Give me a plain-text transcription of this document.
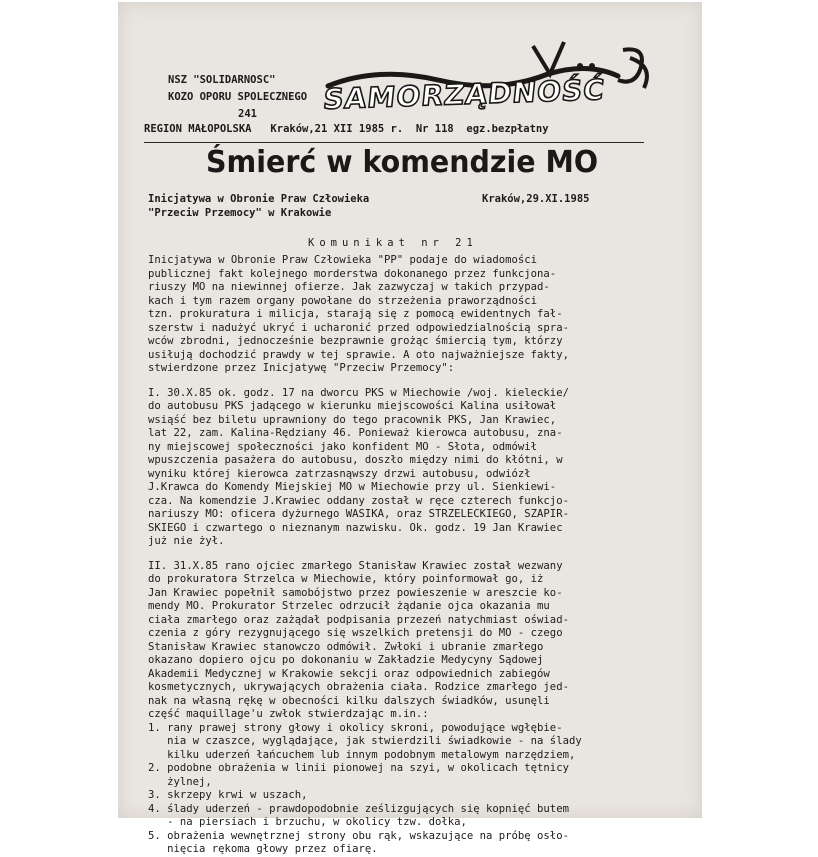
NSZ "SOLIDARNOSC"
KOZO OPORU SPOLECZNEGO
241	SAMORZĄDNOŚĆ
REGION MAŁOPOLSKA   Kraków,21 XII 1985 r.  Nr 118  egz.bezpłatny
Śmierć w komendzie MO
Inicjatywa w Obronie Praw Człowieka
"Przeciw Przemocy" w Krakowie
Kraków,29.XI.1985
Komunikat nr 21
Inicjatywa w Obronie Praw Człowieka "PP" podaje do wiadomości
publicznej fakt kolejnego morderstwa dokonanego przez funkcjona-
riuszy MO na niewinnej ofierze. Jak zazwyczaj w takich przypad-
kach i tym razem organy powołane do strzeżenia praworządności
tzn. prokuratura i milicja, starają się z pomocą ewidentnych fał-
szerstw i nadużyć ukryć i ucharonić przed odpowiedzialnością spra-
wców zbrodni, jednocześnie bezprawnie grożąc śmiercią tym, którzy
usiłują dochodzić prawdy w tej sprawie. A oto najważniejsze fakty,
stwierdzone przez Inicjatywę "Przeciw Przemocy":
I. 30.X.85 ok. godz. 17 na dworcu PKS w Miechowie /woj. kieleckie/
do autobusu PKS jadącego w kierunku miejscowości Kalina usiłował
wsiąść bez biletu uprawniony do tego pracownik PKS, Jan Krawiec,
lat 22, zam. Kalina-Rędziany 46. Ponieważ kierowca autobusu, zna-
ny miejscowej społeczności jako konfident MO - Słota, odmówił
wpuszczenia pasażera do autobusu, doszło między nimi do kłótni, w
wyniku której kierowca zatrzasnąwszy drzwi autobusu, odwiózł
J.Krawca do Komendy Miejskiej MO w Miechowie przy ul. Sienkiewi-
cza. Na komendzie J.Krawiec oddany został w ręce czterech funkcjo-
nariuszy MO: oficera dyżurnego WASIKA, oraz STRZELECKIEGO, SZAPIR-
SKIEGO i czwartego o nieznanym nazwisku. Ok. godz. 19 Jan Krawiec
już nie żył.
II. 31.X.85 rano ojciec zmarłego Stanisław Krawiec został wezwany
do prokuratora Strzelca w Miechowie, który poinformował go, iż
Jan Krawiec popełnił samobójstwo przez powieszenie w areszcie ko-
mendy MO. Prokurator Strzelec odrzucił żądanie ojca okazania mu
ciała zmarłego oraz zażądał podpisania przezeń natychmiast oświad-
czenia z góry rezygnującego się wszelkich pretensji do MO - czego
Stanisław Krawiec stanowczo odmówił. Zwłoki i ubranie zmarłego
okazano dopiero ojcu po dokonaniu w Zakładzie Medycyny Sądowej
Akademii Medycznej w Krakowie sekcji oraz odpowiednich zabiegów
kosmetycznych, ukrywających obrażenia ciała. Rodzice zmarłego jed-
nak na własną rękę w obecności kilku dalszych świadków, usunęli
część maquillage'u zwłok stwierdzając m.in.:
1. rany prawej strony głowy i okolicy skroni, powodujące wgłębie-
nia w czaszce, wyglądające, jak stwierdzili świadkowie - na ślady
kilku uderzeń łańcuchem lub innym podobnym metalowym narzędziem,
2. podobne obrażenia w linii pionowej na szyi, w okolicach tętnicy
żylnej,
3. skrzepy krwi w uszach,
4. ślady uderzeń - prawdopodobnie ześlizgujących się kopnięć butem
- na piersiach i brzuchu, w okolicy tzw. dołka,
5. obrażenia wewnętrznej strony obu rąk, wskazujące na próbę osło-
nięcia rękoma głowy przez ofiarę.
